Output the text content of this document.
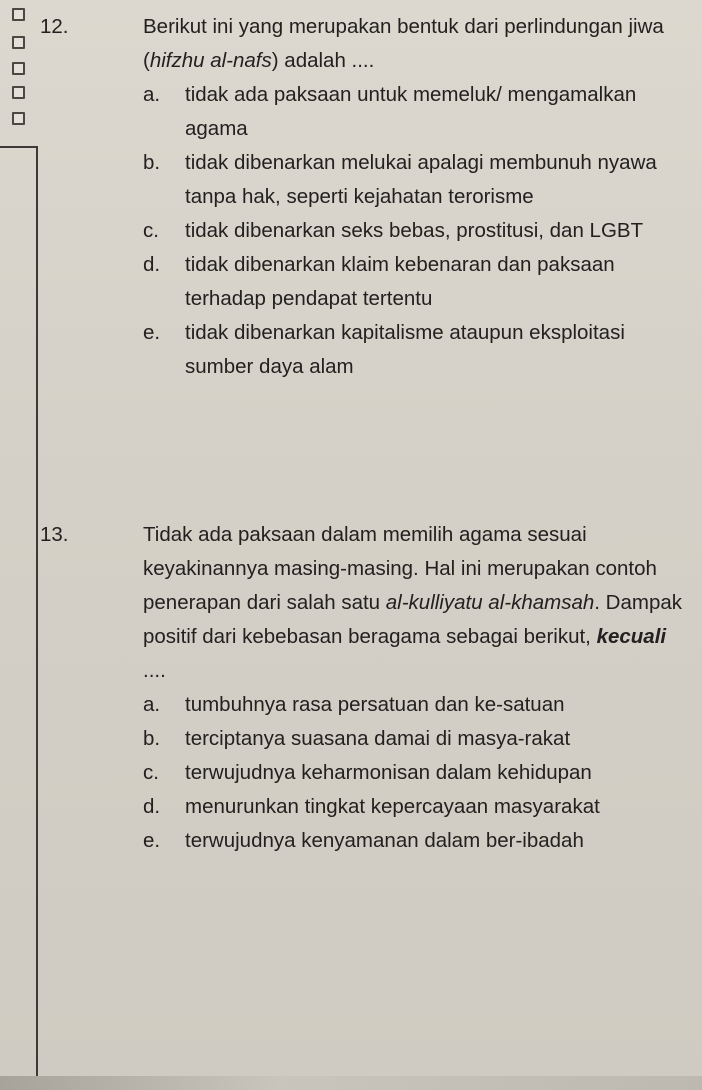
12.	Berikut ini yang merupakan bentuk dari perlindungan jiwa (hifzhu al-nafs) adalah ....
a. tidak ada paksaan untuk memeluk/ mengamalkan agama
b. tidak dibenarkan melukai apalagi membunuh nyawa tanpa hak, seperti kejahatan terorisme
c. tidak dibenarkan seks bebas, prostitusi, dan LGBT
d. tidak dibenarkan klaim kebenaran dan paksaan terhadap pendapat tertentu
e. tidak dibenarkan kapitalisme ataupun eksploitasi sumber daya alam
13.	Tidak ada paksaan dalam memilih agama sesuai keyakinannya masing-masing. Hal ini merupakan contoh penerapan dari salah satu al-kulliyatu al-khamsah. Dampak positif dari kebebasan beragama sebagai berikut, kecuali ....
a. tumbuhnya rasa persatuan dan ke-satuan
b. terciptanya suasana damai di masya-rakat
c. terwujudnya keharmonisan dalam kehidupan
d. menurunkan tingkat kepercayaan masyarakat
e. terwujudnya kenyamanan dalam ber-ibadah
